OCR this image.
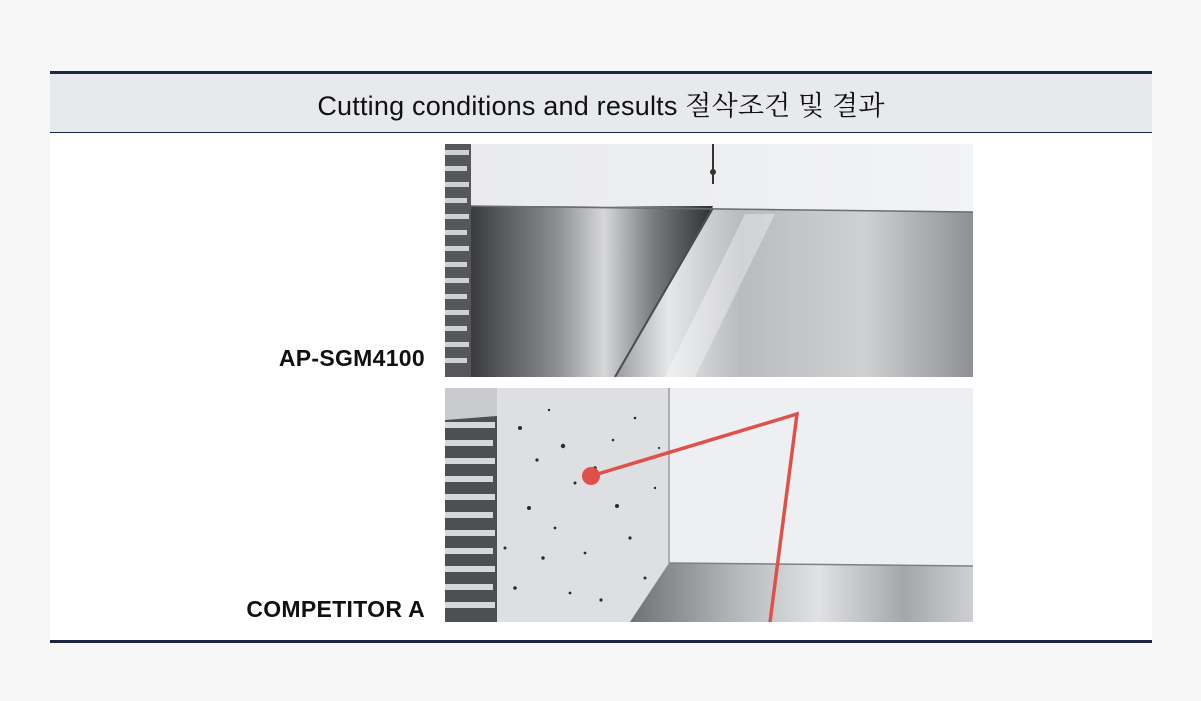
Cutting conditions and results 절삭조건 및 결과
AP-SGM4100
COMPETITOR A
